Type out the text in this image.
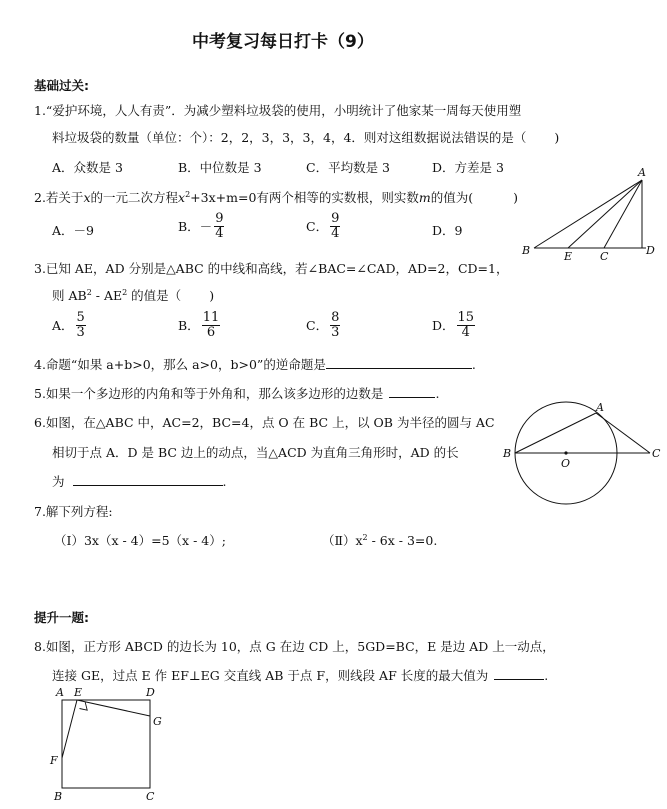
中考复习每日打卡（9）
基础过关:
1.“爱护环境，人人有责”．为减少塑料垃圾袋的使用，小明统计了他家某一周每天使用塑
料垃圾袋的数量（单位：个）：2，2，3，3，3，4，4．则对这组数据说法错误的是（ )
A．众数是 3	B．中位数是 3	C．平均数是 3	D．方差是 3
2.若关于x的一元二次方程$x^2+3x+m=0$有两个相等的实数根，则实数m的值为(	)
A．－9	B．－ $\frac{9}{4}$	C． $\frac{9}{4}$	D．9
A
B	E	C	D
3.已知 AE，AD 分别是△ABC 的中线和高线，若∠BAC=∠CAD，AD=2，CD=1，
则 $AB^2 - AE^2$ 的值是（ )
A． $\frac{5}{3}$	B． $\frac{11}{6}$	C． $\frac{8}{3}$	D． $\frac{15}{4}$
4.命题“如果 a+b>0，那么 a>0，b>0”的逆命题是	.
5.如果一个多边形的内角和等于外角和，那么该多边形的边数是	.
6.如图，在△ABC 中，AC=2，BC=4，点 O 在 BC 上，以 OB 为半径的圆与 AC
相切于点 A．D 是 BC 边上的动点，当△ACD 为直角三角形时，AD 的长
为	.
A
B
O
C
7.解下列方程:
（Ⅰ）3x（x - 4）=5（x - 4）;	$(Ⅱ)x^2 - 6x - 3=0$.
提升一题:
8.如图，正方形 ABCD 的边长为 10，点 G 在边 CD 上，5GD=BC，E 是边 AD 上一动点，
连接 GE，过点 E 作 EF⊥EG 交直线 AB 于点 F，则线段 AF 长度的最大值为	.
A E	D
G
F
B	C
